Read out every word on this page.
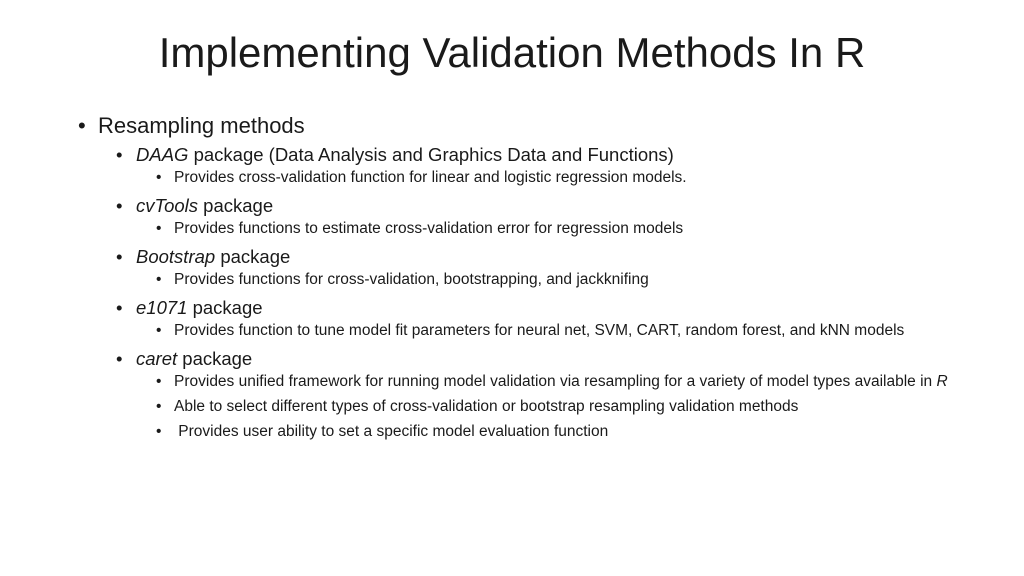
Implementing Validation Methods In R
• Resampling methods
• DAAG package (Data Analysis and Graphics Data and Functions)
• Provides cross-validation function for linear and logistic regression models.
• cvTools package
• Provides functions to estimate cross-validation error for regression models
• Bootstrap package
• Provides functions for cross-validation, bootstrapping, and jackknifing
• e1071 package
• Provides function to tune model fit parameters for neural net, SVM, CART, random forest, and kNN models
• caret package
• Provides unified framework for running model validation via resampling for a variety of model types available in R
• Able to select different types of cross-validation or bootstrap resampling validation methods
• Provides user ability to set a specific model evaluation function
